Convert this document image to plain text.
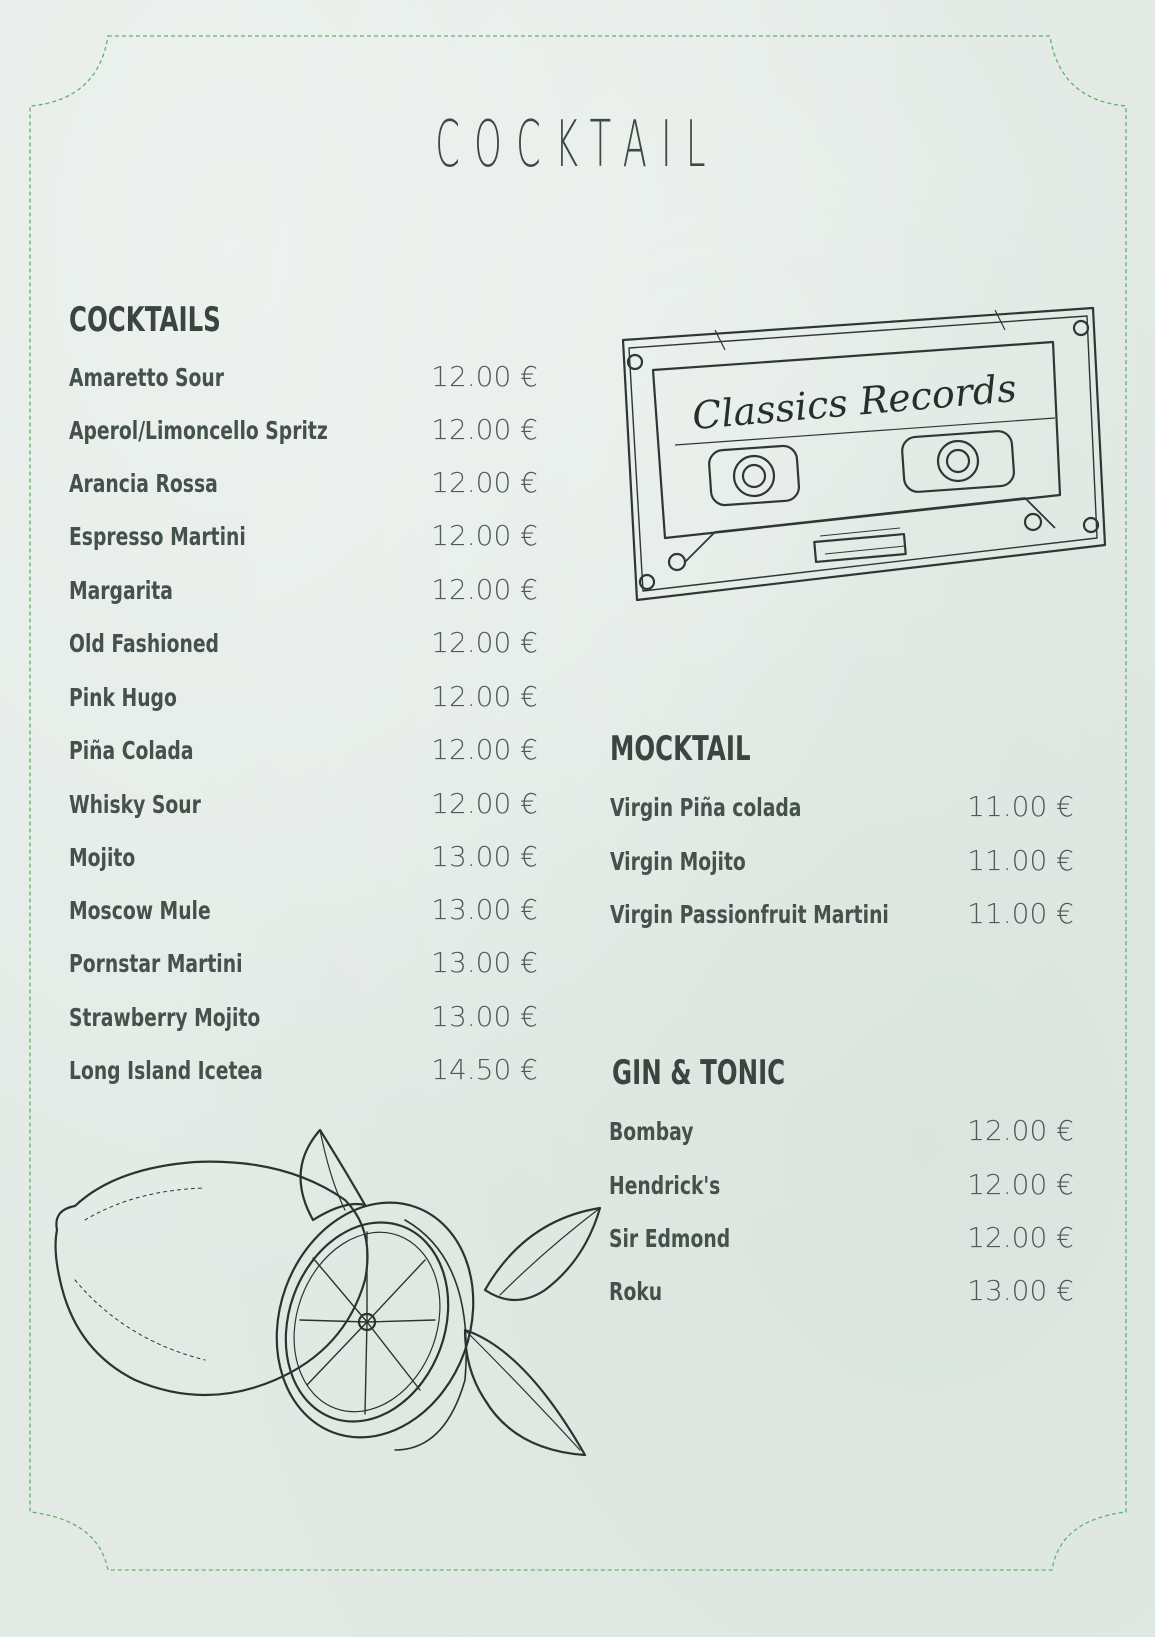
COCKTAIL
COCKTAILS
Amaretto Sour	12.00 €
Aperol/Limoncello Spritz	12.00 €
Arancia Rossa	12.00 €
Espresso Martini	12.00 €
Margarita	12.00 €
Old Fashioned	12.00 €
Pink Hugo	12.00 €
Piña Colada	12.00 €
Whisky Sour	12.00 €
Mojito	13.00 €
Moscow Mule	13.00 €
Pornstar Martini	13.00 €
Strawberry Mojito	13.00 €
Long Island Icetea	14.50 €
Classics Records
MOCKTAIL
Virgin Piña colada	11.00 €
Virgin Mojito	11.00 €
Virgin Passionfruit Martini	11.00 €
GIN & TONIC
Bombay	12.00 €
Hendrick's	12.00 €
Sir Edmond	12.00 €
Roku	13.00 €
